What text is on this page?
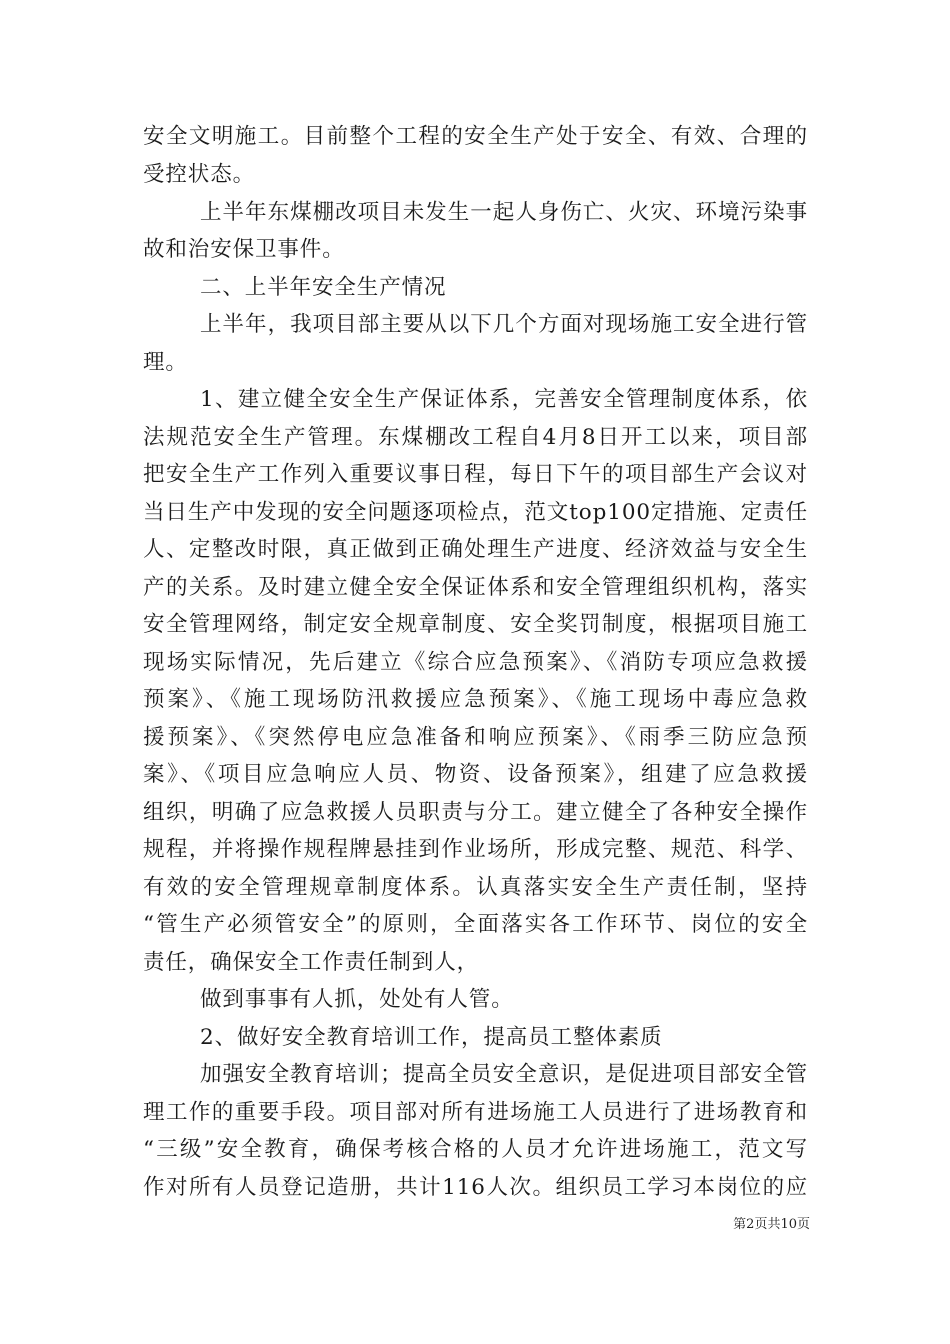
安全文明施工。目前整个工程的安全生产处于安全、有效、合理的
受控状态。
上半年东煤棚改项目未发生一起人身伤亡、火灾、环境污染事
故和治安保卫事件。
二、上半年安全生产情况
上半年，我项目部主要从以下几个方面对现场施工安全进行管
理。
1、建立健全安全生产保证体系，完善安全管理制度体系，依
法规范安全生产管理。东煤棚改工程自4月8日开工以来，项目部
把安全生产工作列入重要议事日程，每日下午的项目部生产会议对
当日生产中发现的安全问题逐项检点，范文top100定措施、定责任
人、定整改时限，真正做到正确处理生产进度、经济效益与安全生
产的关系。及时建立健全安全保证体系和安全管理组织机构，落实
安全管理网络，制定安全规章制度、安全奖罚制度，根据项目施工
现场实际情况，先后建立《综合应急预案》、《消防专项应急救援
预案》、《施工现场防汛救援应急预案》、《施工现场中毒应急救
援预案》、《突然停电应急准备和响应预案》、《雨季三防应急预
案》、《项目应急响应人员、物资、设备预案》，组建了应急救援
组织，明确了应急救援人员职责与分工。建立健全了各种安全操作
规程，并将操作规程牌悬挂到作业场所，形成完整、规范、科学、
有效的安全管理规章制度体系。认真落实安全生产责任制，坚持
“管生产必须管安全”的原则，全面落实各工作环节、岗位的安全
责任，确保安全工作责任制到人，
做到事事有人抓，处处有人管。
2、做好安全教育培训工作，提高员工整体素质
加强安全教育培训；提高全员安全意识，是促进项目部安全管
理工作的重要手段。项目部对所有进场施工人员进行了进场教育和
“三级”安全教育，确保考核合格的人员才允许进场施工，范文写
作对所有人员登记造册，共计116人次。组织员工学习本岗位的应
第2页共10页
